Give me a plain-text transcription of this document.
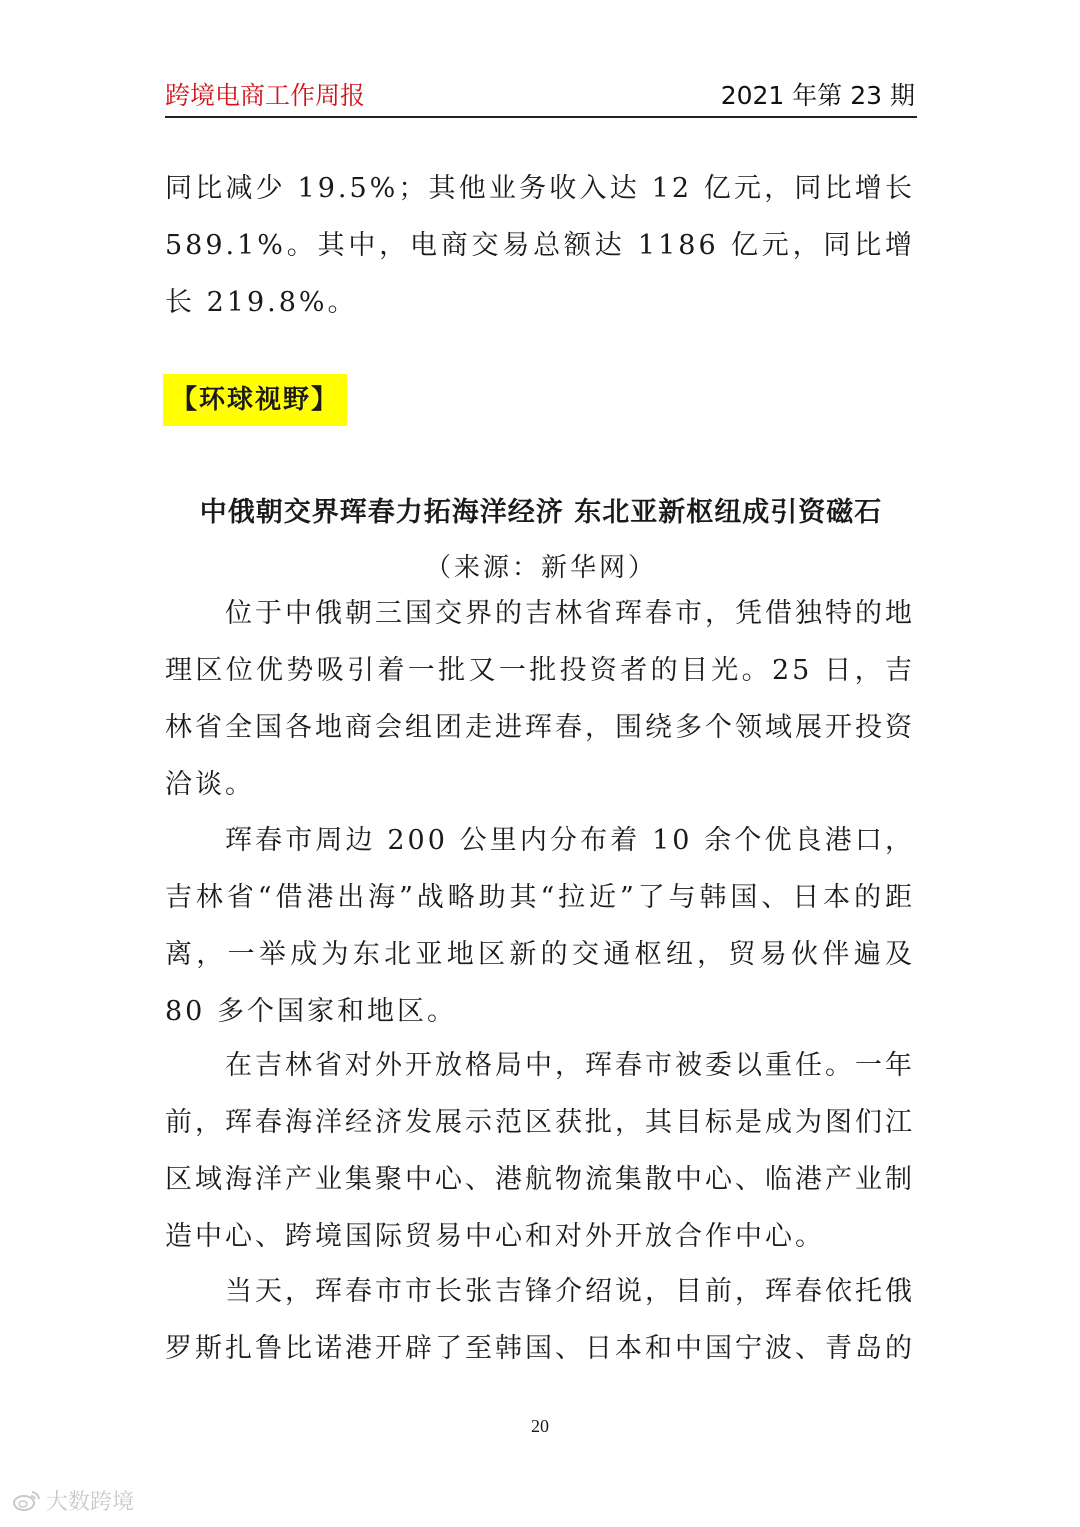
跨境电商工作周报	2021 年第 23 期

同比减少 19.5%；其他业务收入达 12 亿元，同比增长 589.1%。其中，电商交易总额达 1186 亿元，同比增长 219.8%。

【环球视野】
中俄朝交界珲春力拓海洋经济 东北亚新枢纽成引资磁石
（来源：新华网）

位于中俄朝三国交界的吉林省珲春市，凭借独特的地理区位优势吸引着一批又一批投资者的目光。25 日，吉林省全国各地商会组团走进珲春，围绕多个领域展开投资洽谈。

珲春市周边 200 公里内分布着 10 余个优良港口，吉林省“借港出海”战略助其“拉近”了与韩国、日本的距离，一举成为东北亚地区新的交通枢纽，贸易伙伴遍及 80 多个国家和地区。

在吉林省对外开放格局中，珲春市被委以重任。一年前，珲春海洋经济发展示范区获批，其目标是成为图们江区域海洋产业集聚中心、港航物流集散中心、临港产业制造中心、跨境国际贸易中心和对外开放合作中心。

当天，珲春市市长张吉锋介绍说，目前，珲春依托俄罗斯扎鲁比诺港开辟了至韩国、日本和中国宁波、青岛的

20
大数跨境
